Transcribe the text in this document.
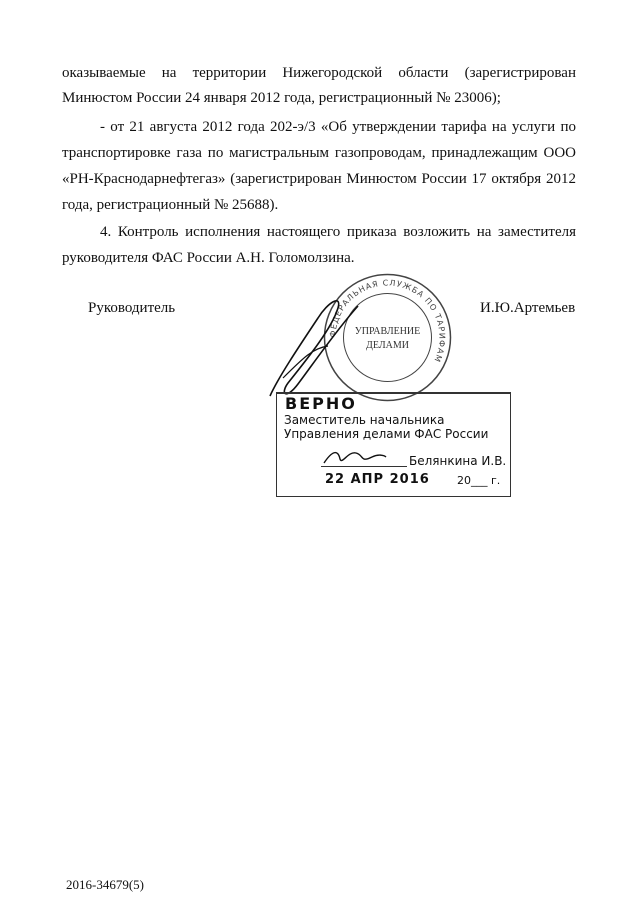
оказываемые на территории Нижегородской области (зарегистрирован
Минюстом России 24 января 2012 года, регистрационный № 23006);
- от 21 августа 2012 года 202-э/3 «Об утверждении тарифа на услуги по
транспортировке газа по магистральным газопроводам, принадлежащим ООО
«РН-Краснодарнефтегаз» (зарегистрирован Минюстом России 17 октября 2012
года, регистрационный № 25688).
4. Контроль исполнения настоящего приказа возложить на заместителя
руководителя ФАС России А.Н. Голомолзина.
Руководитель	И.Ю.Артемьев
ФЕДЕРАЛЬНАЯ СЛУЖБА ПО ТАРИФАМ
УПРАВЛЕНИЕ
ДЕЛАМИ
ВЕРНО
Заместитель начальника
Управления делами ФАС России
Белянкина И.В.
22 АПР 2016 20___ г.
2016-34679(5)
